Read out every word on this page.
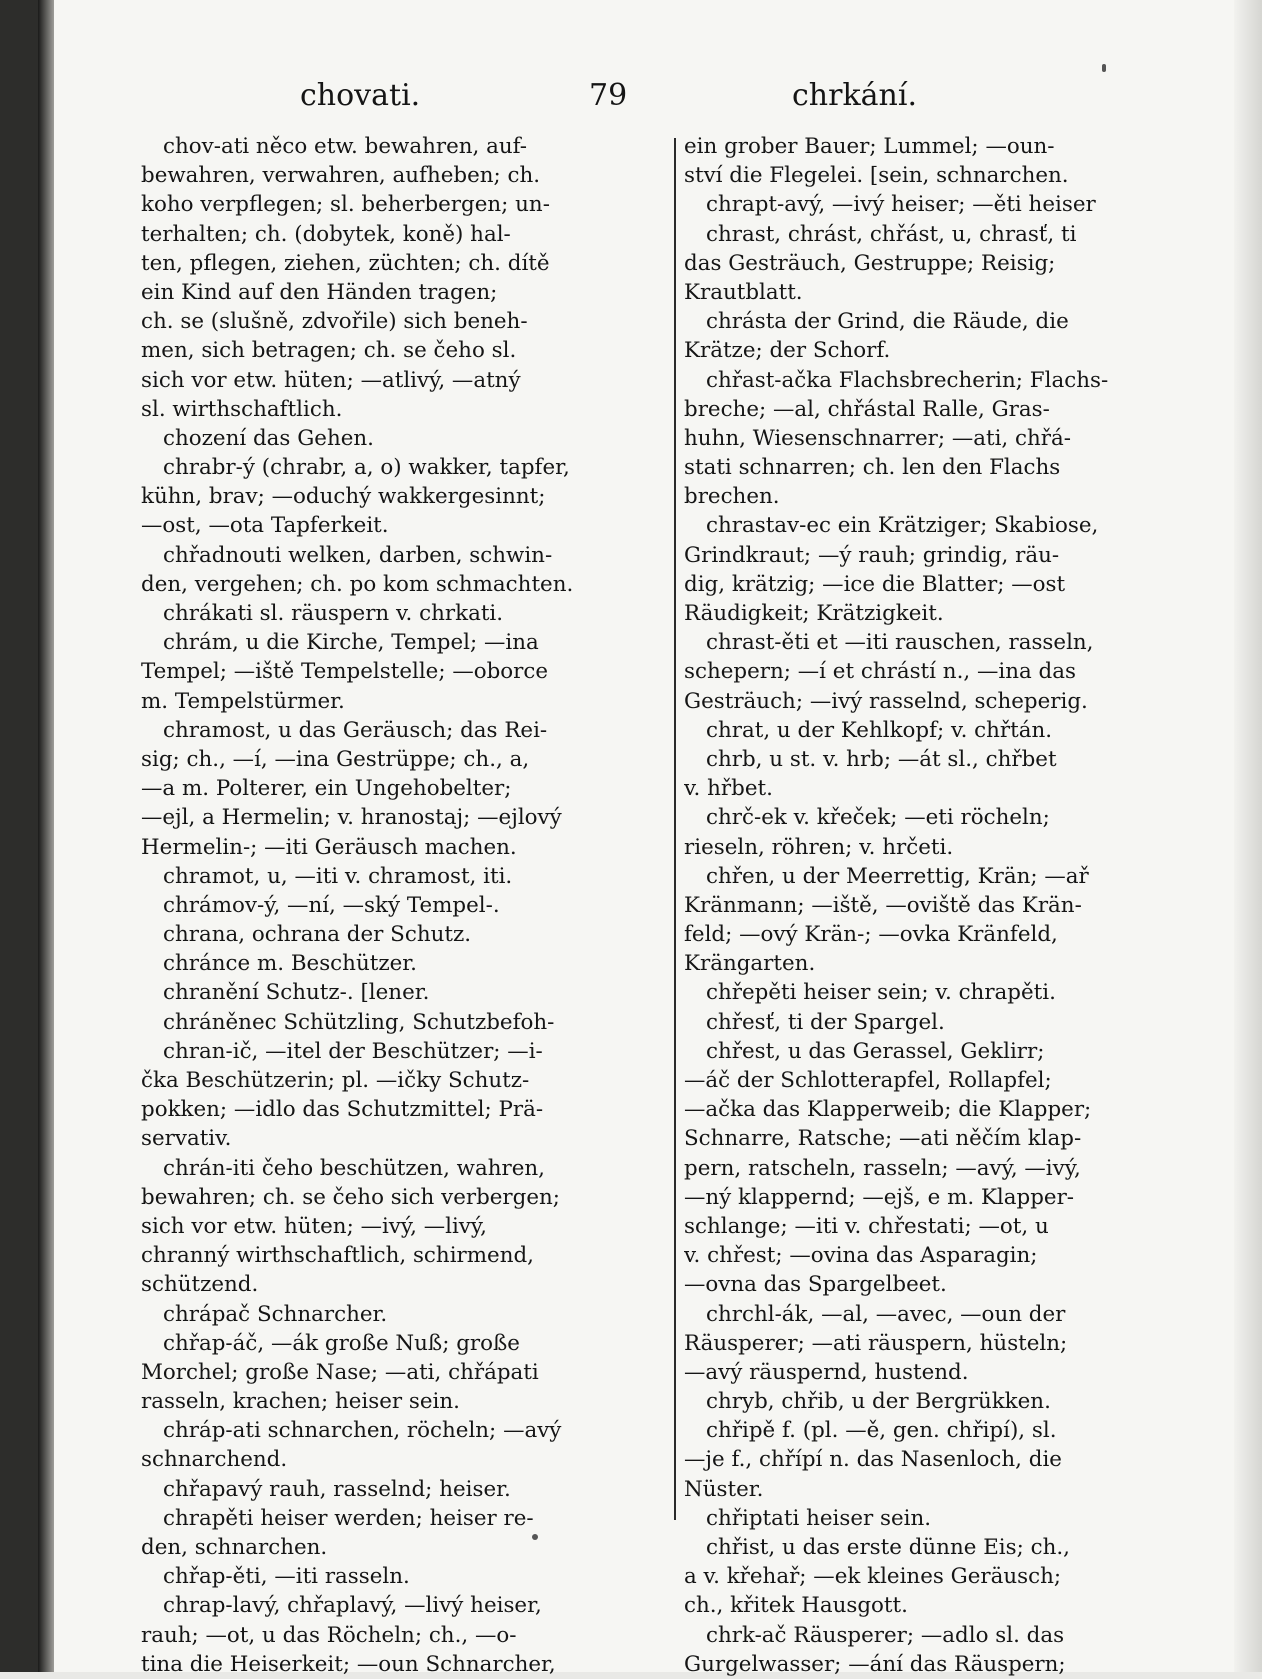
chovati.	79	chrkání.
chov-ati něco etw. bewahren, auf-
bewahren, verwahren, aufheben; ch.
koho verpflegen; sl. beherbergen; un-
terhalten; ch. (dobytek, koně) hal-
ten, pflegen, ziehen, züchten; ch. dítě
ein Kind auf den Händen tragen;
ch. se (slušně, zdvořile) sich beneh-
men, sich betragen; ch. se čeho sl.
sich vor etw. hüten; —atlivý, —atný
sl. wirthschaftlich.
chození das Gehen.
chrabr-ý (chrabr, a, o) wakker, tapfer,
kühn, brav; —oduchý wakkergesinnt;
—ost, —ota Tapferkeit.
chřadnouti welken, darben, schwin-
den, vergehen; ch. po kom schmachten.
chrákati sl. räuspern v. chrkati.
chrám, u die Kirche, Tempel; —ina
Tempel; —iště Tempelstelle; —oborce
m. Tempelstürmer.
chramost, u das Geräusch; das Rei-
sig; ch., —í, —ina Gestrüppe; ch., a,
—a m. Polterer, ein Ungehobelter;
—ejl, a Hermelin; v. hranostaj; —ejlový
Hermelin-; —iti Geräusch machen.
chramot, u, —iti v. chramost, iti.
chrámov-ý, —ní, —ský Tempel-.
chrana, ochrana der Schutz.
chránce m. Beschützer.
chranění Schutz-. [lener.
chráněnec Schützling, Schutzbefoh-
chran-ič, —itel der Beschützer; —i-
čka Beschützerin; pl. —ičky Schutz-
pokken; —idlo das Schutzmittel; Prä-
servativ.
chrán-iti čeho beschützen, wahren,
bewahren; ch. se čeho sich verbergen;
sich vor etw. hüten; —ivý, —livý,
chranný wirthschaftlich, schirmend,
schützend.
chrápač Schnarcher.
chřap-áč, —ák große Nuß; große
Morchel; große Nase; —ati, chřápati
rasseln, krachen; heiser sein.
chráp-ati schnarchen, röcheln; —avý
schnarchend.
chřapavý rauh, rasselnd; heiser.
chrapěti heiser werden; heiser re-
den, schnarchen.
chřap-ěti, —iti rasseln.
chrap-lavý, chřaplavý, —livý heiser,
rauh; —ot, u das Röcheln; ch., —o-
tina die Heiserkeit; —oun Schnarcher,
ein grober Bauer; Lummel; —oun-
ství die Flegelei. [sein, schnarchen.
chrapt-avý, —ivý heiser; —ěti heiser
chrast, chrást, chřást, u, chrasť, ti
das Gesträuch, Gestruppe; Reisig;
Krautblatt.
chrásta der Grind, die Räude, die
Krätze; der Schorf.
chřast-ačka Flachsbrecherin; Flachs-
breche; —al, chřástal Ralle, Gras-
huhn, Wiesenschnarrer; —ati, chřá-
stati schnarren; ch. len den Flachs
brechen.
chrastav-ec ein Krätziger; Skabiose,
Grindkraut; —ý rauh; grindig, räu-
dig, krätzig; —ice die Blatter; —ost
Räudigkeit; Krätzigkeit.
chrast-ěti et —iti rauschen, rasseln,
schepern; —í et chrástí n., —ina das
Gesträuch; —ivý rasselnd, scheperig.
chrat, u der Kehlkopf; v. chřtán.
chrb, u st. v. hrb; —át sl., chřbet
v. hřbet.
chrč-ek v. křeček; —eti röcheln;
rieseln, röhren; v. hrčeti.
chřen, u der Meerrettig, Krän; —ař
Kränmann; —iště, —oviště das Krän-
feld; —ový Krän-; —ovka Kränfeld,
Krängarten.
chřepěti heiser sein; v. chrapěti.
chřesť, ti der Spargel.
chřest, u das Gerassel, Geklirr;
—áč der Schlotterapfel, Rollapfel;
—ačka das Klapperweib; die Klapper;
Schnarre, Ratsche; —ati něčím klap-
pern, ratscheln, rasseln; —avý, —ivý,
—ný klappernd; —ejš, e m. Klapper-
schlange; —iti v. chřestati; —ot, u
v. chřest; —ovina das Asparagin;
—ovna das Spargelbeet.
chrchl-ák, —al, —avec, —oun der
Räusperer; —ati räuspern, hüsteln;
—avý räuspernd, hustend.
chryb, chřib, u der Bergrükken.
chřipě f. (pl. —ě, gen. chřipí), sl.
—je f., chřípí n. das Nasenloch, die
Nüster.
chřiptati heiser sein.
chřist, u das erste dünne Eis; ch.,
a v. křehař; —ek kleines Geräusch;
ch., křitek Hausgott.
chrk-ač Räusperer; —adlo sl. das
Gurgelwasser; —ání das Räuspern;
